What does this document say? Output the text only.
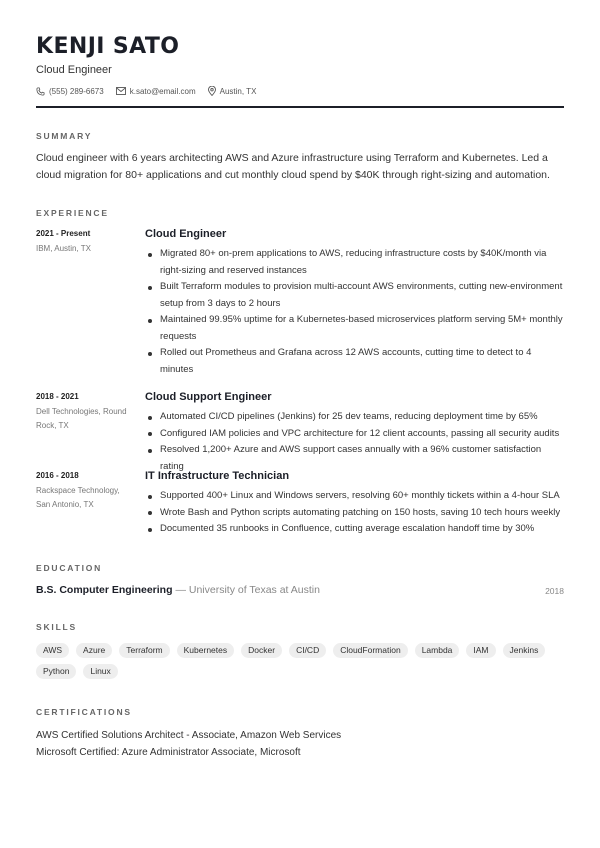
KENJI SATO
Cloud Engineer
(555) 289-6673	k.sato@email.com	Austin, TX
SUMMARY
Cloud engineer with 6 years architecting AWS and Azure infrastructure using Terraform and Kubernetes. Led a cloud migration for 80+ applications and cut monthly cloud spend by $40K through right-sizing and automation.
EXPERIENCE
2021 - Present
IBM, Austin, TX
Cloud Engineer
Migrated 80+ on-prem applications to AWS, reducing infrastructure costs by $40K/month via right-sizing and reserved instances
Built Terraform modules to provision multi-account AWS environments, cutting new-environment setup from 3 days to 2 hours
Maintained 99.95% uptime for a Kubernetes-based microservices platform serving 5M+ monthly requests
Rolled out Prometheus and Grafana across 12 AWS accounts, cutting time to detect to 4 minutes
2018 - 2021
Dell Technologies, Round Rock, TX
Cloud Support Engineer
Automated CI/CD pipelines (Jenkins) for 25 dev teams, reducing deployment time by 65%
Configured IAM policies and VPC architecture for 12 client accounts, passing all security audits
Resolved 1,200+ Azure and AWS support cases annually with a 96% customer satisfaction rating
2016 - 2018
Rackspace Technology, San Antonio, TX
IT Infrastructure Technician
Supported 400+ Linux and Windows servers, resolving 60+ monthly tickets within a 4-hour SLA
Wrote Bash and Python scripts automating patching on 150 hosts, saving 10 tech hours weekly
Documented 35 runbooks in Confluence, cutting average escalation handoff time by 30%
EDUCATION
B.S. Computer Engineering — University of Texas at Austin	2018
SKILLS
AWS	Azure	Terraform	Kubernetes	Docker	CI/CD	CloudFormation	Lambda	IAM	Jenkins
Python	Linux
CERTIFICATIONS
AWS Certified Solutions Architect - Associate, Amazon Web Services
Microsoft Certified: Azure Administrator Associate, Microsoft
